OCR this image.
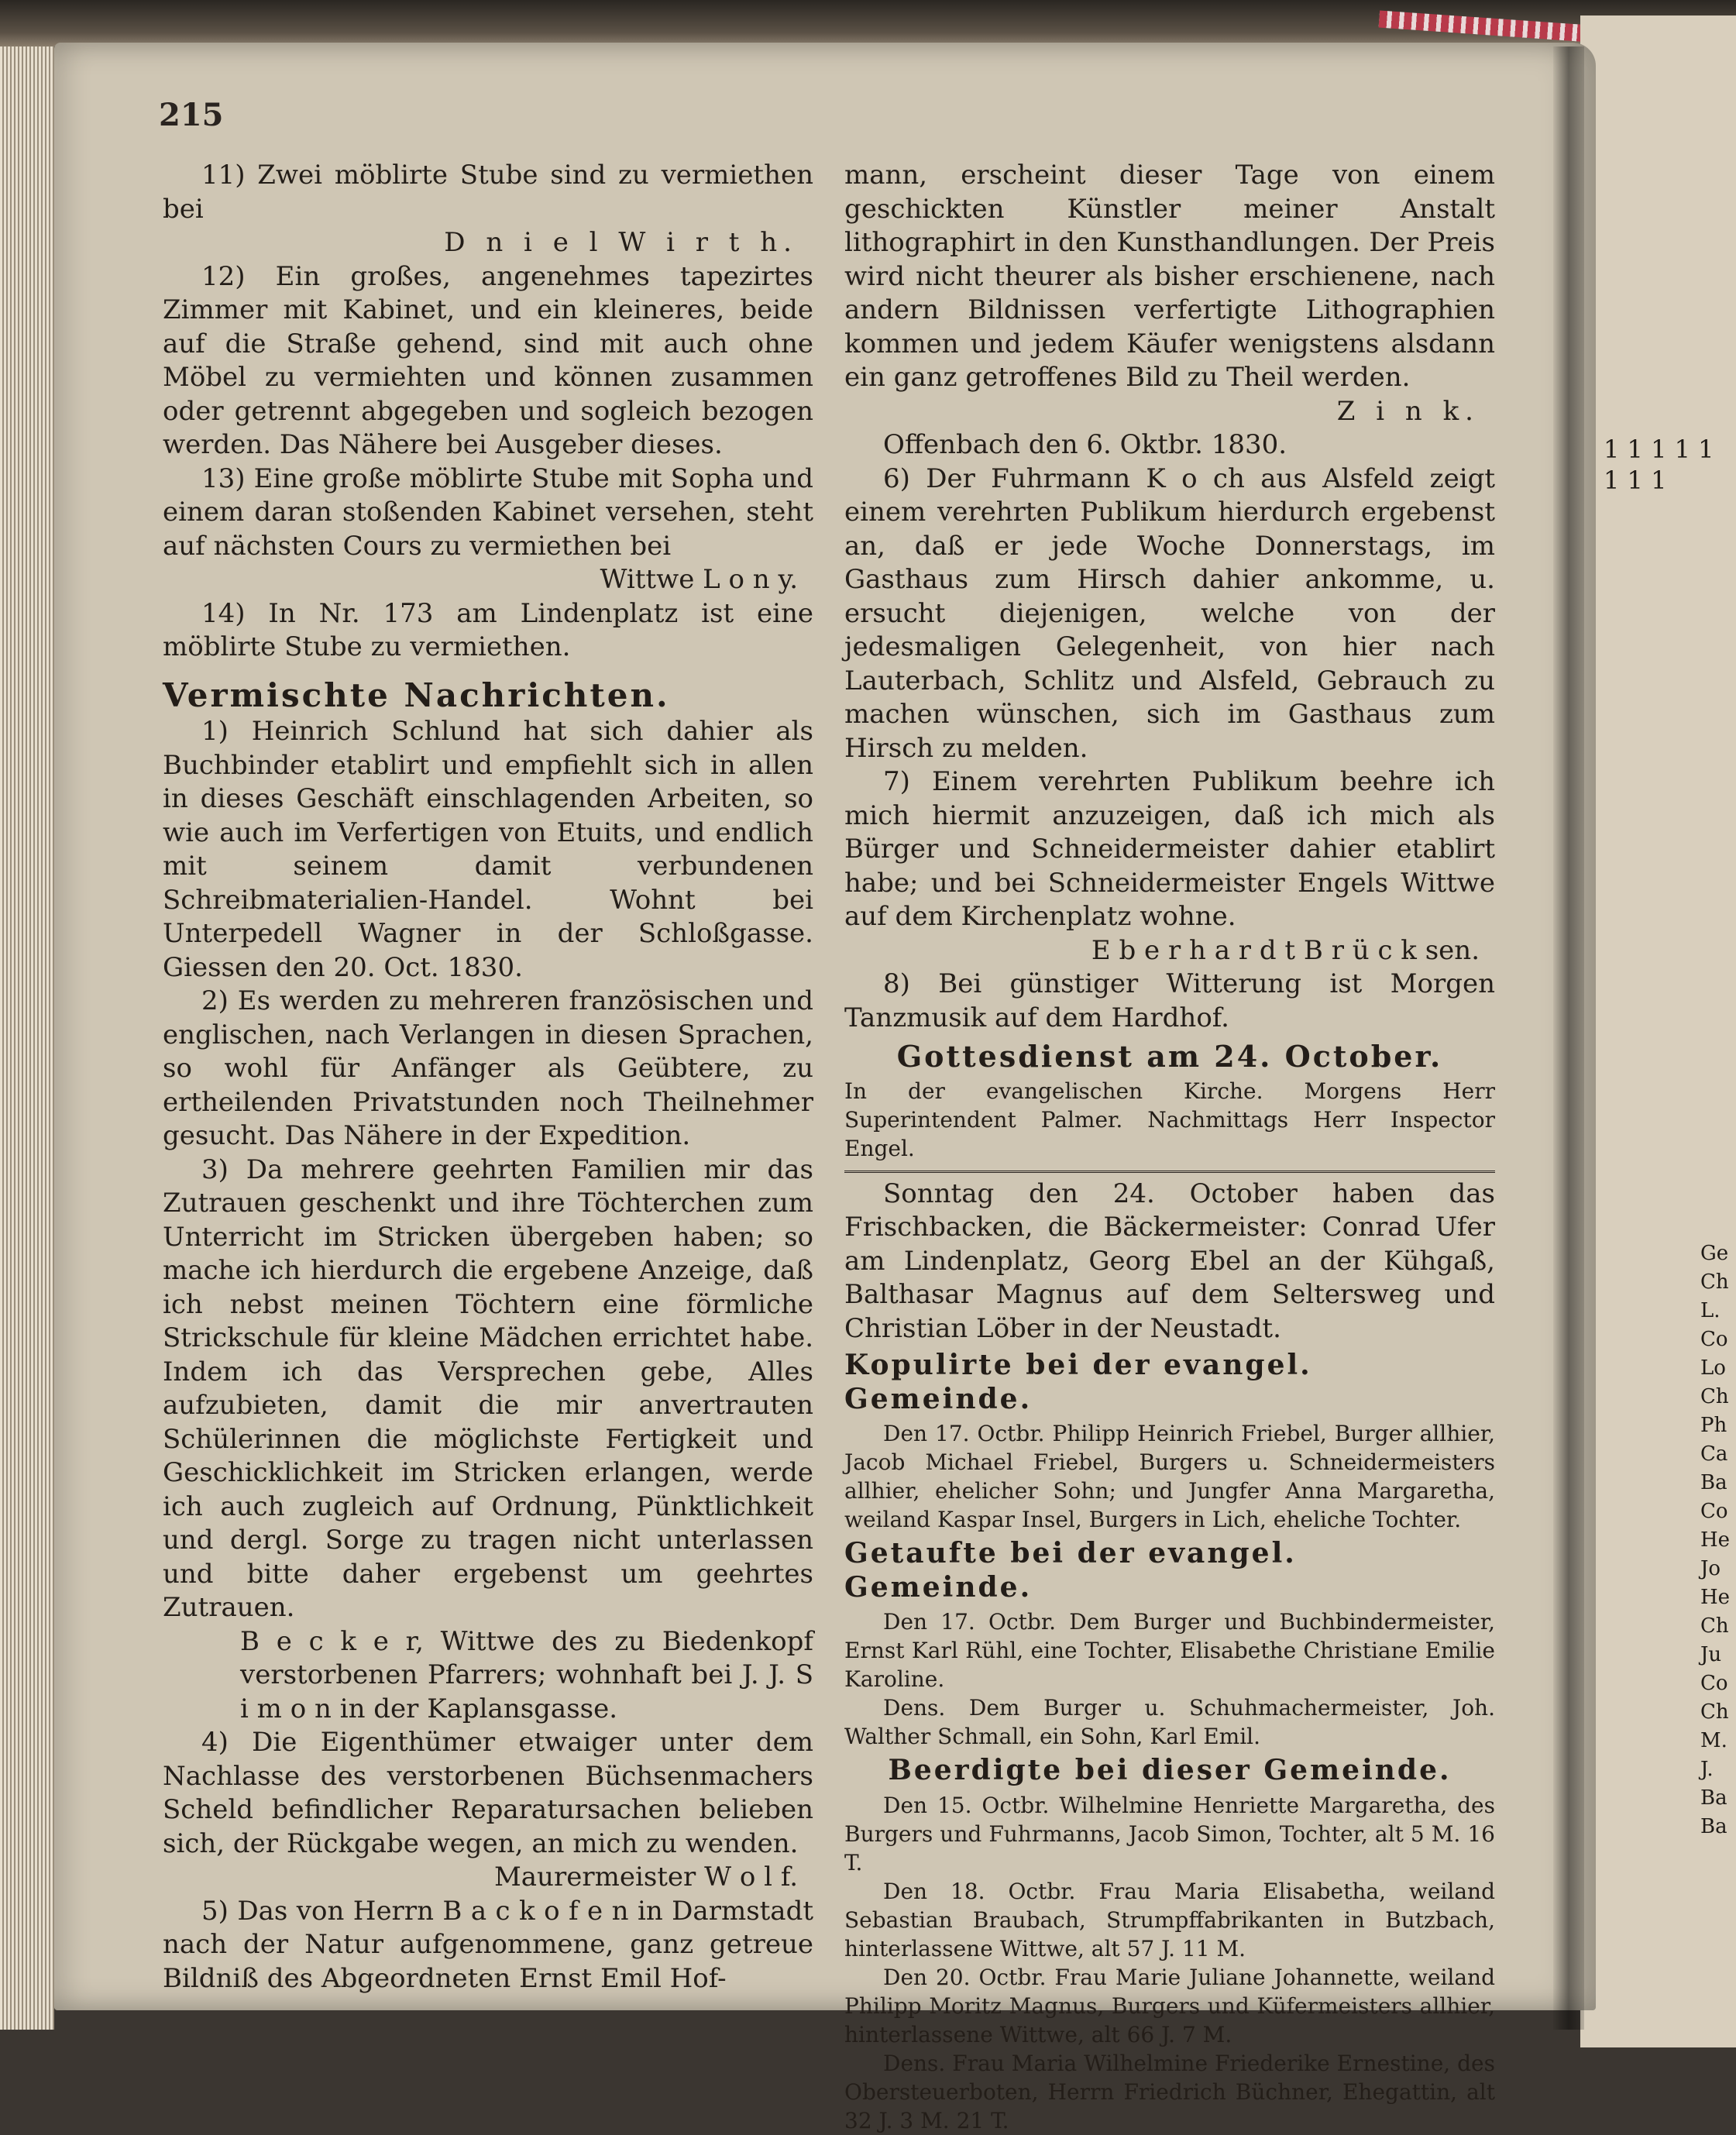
215

11) Zwei möblirte Stube sind zu vermiethen bei

D n i e l W i r t h.

12) Ein großes, angenehmes tapezirtes Zimmer mit Kabinet, und ein kleineres, beide auf die Straße gehend, sind mit auch ohne Möbel zu vermiehten und können zusammen oder getrennt abgegeben und sogleich bezogen werden. Das Nähere bei Ausgeber dieses.

13) Eine große möblirte Stube mit Sopha und einem daran stoßenden Kabinet versehen, steht auf nächsten Cours zu vermiethen bei

Wittwe L o n y.

14) In Nr. 173 am Lindenplatz ist eine möblirte Stube zu vermiethen.

Vermischte Nachrichten.

1) Heinrich Schlund hat sich dahier als Buchbinder etablirt und empfiehlt sich in allen in dieses Geschäft einschlagenden Arbeiten, so wie auch im Verfertigen von Etuits, und endlich mit seinem damit verbundenen Schreibmaterialien-Handel. Wohnt bei Unterpedell Wagner in der Schloßgasse. Giessen den 20. Oct. 1830.

2) Es werden zu mehreren französischen und englischen, nach Verlangen in diesen Sprachen, so wohl für Anfänger als Geübtere, zu ertheilenden Privatstunden noch Theilnehmer gesucht. Das Nähere in der Expedition.

3) Da mehrere geehrten Familien mir das Zutrauen geschenkt und ihre Töchterchen zum Unterricht im Stricken übergeben haben; so mache ich hierdurch die ergebene Anzeige, daß ich nebst meinen Töchtern eine förmliche Strickschule für kleine Mädchen errichtet habe. Indem ich das Versprechen gebe, Alles aufzubieten, damit die mir anvertrauten Schülerinnen die möglichste Fertigkeit und Geschicklichkeit im Stricken erlangen, werde ich auch zugleich auf Ordnung, Pünktlichkeit und dergl. Sorge zu tragen nicht unterlassen und bitte daher ergebenst um geehrtes Zutrauen.

B e c k e r, Wittwe des zu Biedenkopf verstorbenen Pfarrers; wohnhaft bei J. J. S i m o n in der Kaplansgasse.

4) Die Eigenthümer etwaiger unter dem Nachlasse des verstorbenen Büchsenmachers Scheld befindlicher Reparatursachen belieben sich, der Rückgabe wegen, an mich zu wenden.

Maurermeister W o l f.

5) Das von Herrn B a c k o f e n in Darmstadt nach der Natur aufgenommene, ganz getreue Bildniß des Abgeordneten Ernst Emil Hof-

mann, erscheint dieser Tage von einem geschickten Künstler meiner Anstalt lithographirt in den Kunsthandlungen. Der Preis wird nicht theurer als bisher erschienene, nach andern Bildnissen verfertigte Lithographien kommen und jedem Käufer wenigstens alsdann ein ganz getroffenes Bild zu Theil werden.

Z i n k.

Offenbach den 6. Oktbr. 1830.

6) Der Fuhrmann K o ch aus Alsfeld zeigt einem verehrten Publikum hierdurch ergebenst an, daß er jede Woche Donnerstags, im Gasthaus zum Hirsch dahier ankomme, u. ersucht diejenigen, welche von der jedesmaligen Gelegenheit, von hier nach Lauterbach, Schlitz und Alsfeld, Gebrauch zu machen wünschen, sich im Gasthaus zum Hirsch zu melden.

7) Einem verehrten Publikum beehre ich mich hiermit anzuzeigen, daß ich mich als Bürger und Schneidermeister dahier etablirt habe; und bei Schneidermeister Engels Wittwe auf dem Kirchenplatz wohne.

E b e r h a r d t B r ü c k sen.

8) Bei günstiger Witterung ist Morgen Tanzmusik auf dem Hardhof.

Gottesdienst am 24. October.

In der evangelischen Kirche. Morgens Herr Superintendent Palmer. Nachmittags Herr Inspector Engel.

Sonntag den 24. October haben das Frischbacken, die Bäckermeister: Conrad Ufer am Lindenplatz, Georg Ebel an der Kühgaß, Balthasar Magnus auf dem Seltersweg und Christian Löber in der Neustadt.

Kopulirte bei der evangel. Gemeinde.

Den 17. Octbr. Philipp Heinrich Friebel, Burger allhier, Jacob Michael Friebel, Burgers u. Schneidermeisters allhier, ehelicher Sohn; und Jungfer Anna Margaretha, weiland Kaspar Insel, Burgers in Lich, eheliche Tochter.

Getaufte bei der evangel. Gemeinde.

Den 17. Octbr. Dem Burger und Buchbindermeister, Ernst Karl Rühl, eine Tochter, Elisabethe Christiane Emilie Karoline.

Dens. Dem Burger u. Schuhmachermeister, Joh. Walther Schmall, ein Sohn, Karl Emil.

Beerdigte bei dieser Gemeinde.

Den 15. Octbr. Wilhelmine Henriette Margaretha, des Burgers und Fuhrmanns, Jacob Simon, Tochter, alt 5 M. 16 T.

Den 18. Octbr. Frau Maria Elisabetha, weiland Sebastian Braubach, Strumpffabrikanten in Butzbach, hinterlassene Wittwe, alt 57 J. 11 M.

Den 20. Octbr. Frau Marie Juliane Johannette, weiland Philipp Moritz Magnus, Burgers und Küfermeisters allhier, hinterlassene Wittwe, alt 66 J. 7 M.

Dens. Frau Maria Wilhelmine Friederike Ernestine, des Obersteuerboten, Herrn Friedrich Büchner, Ehegattin, alt 32 J. 3 M. 21 T.

1 1 1 1 1 1 1 1
Ge Ch L. Co Lo Ch Ph Ca Ba Co He Jo He Ch Ju Co Ch M. J. Ba Ba
